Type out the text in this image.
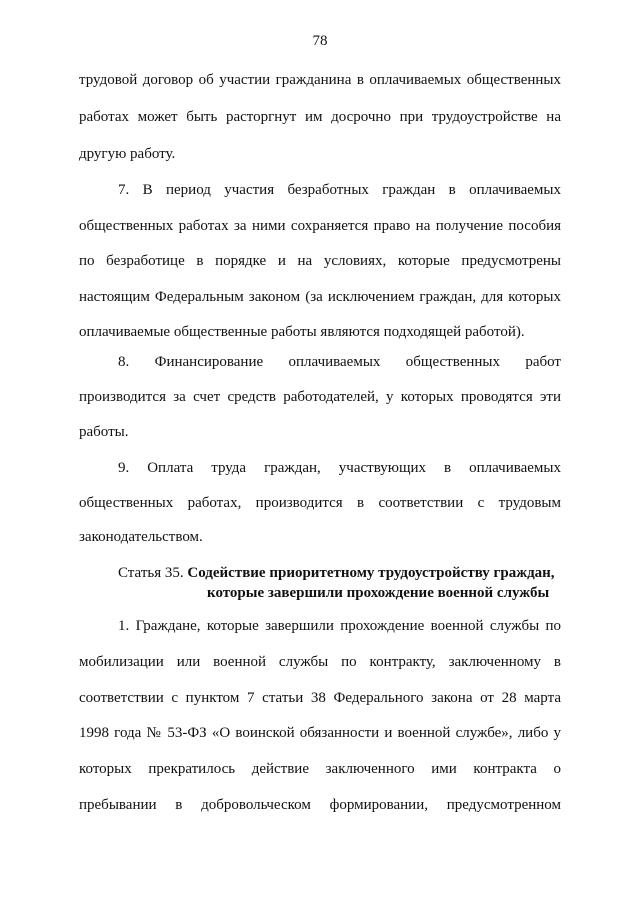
78
трудовой договор об участии гражданина в оплачиваемых общественных
работах может быть расторгнут им досрочно при трудоустройстве на
другую работу.
7. В период участия безработных граждан в оплачиваемых
общественных работах за ними сохраняется право на получение пособия
по безработице в порядке и на условиях, которые предусмотрены
настоящим Федеральным законом (за исключением граждан, для которых
оплачиваемые общественные работы являются подходящей работой).
8. Финансирование оплачиваемых общественных работ
производится за счет средств работодателей, у которых проводятся эти
работы.
9. Оплата труда граждан, участвующих в оплачиваемых
общественных работах, производится в соответствии с трудовым
законодательством.
Статья 35. Содействие приоритетному трудоустройству граждан,
которые завершили прохождение военной службы
1. Граждане, которые завершили прохождение военной службы по
мобилизации или военной службы по контракту, заключенному в
соответствии с пунктом 7 статьи 38 Федерального закона от 28 марта
1998 года № 53-ФЗ «О воинской обязанности и военной службе», либо у
которых прекратилось действие заключенного ими контракта о
пребывании в добровольческом формировании, предусмотренном
